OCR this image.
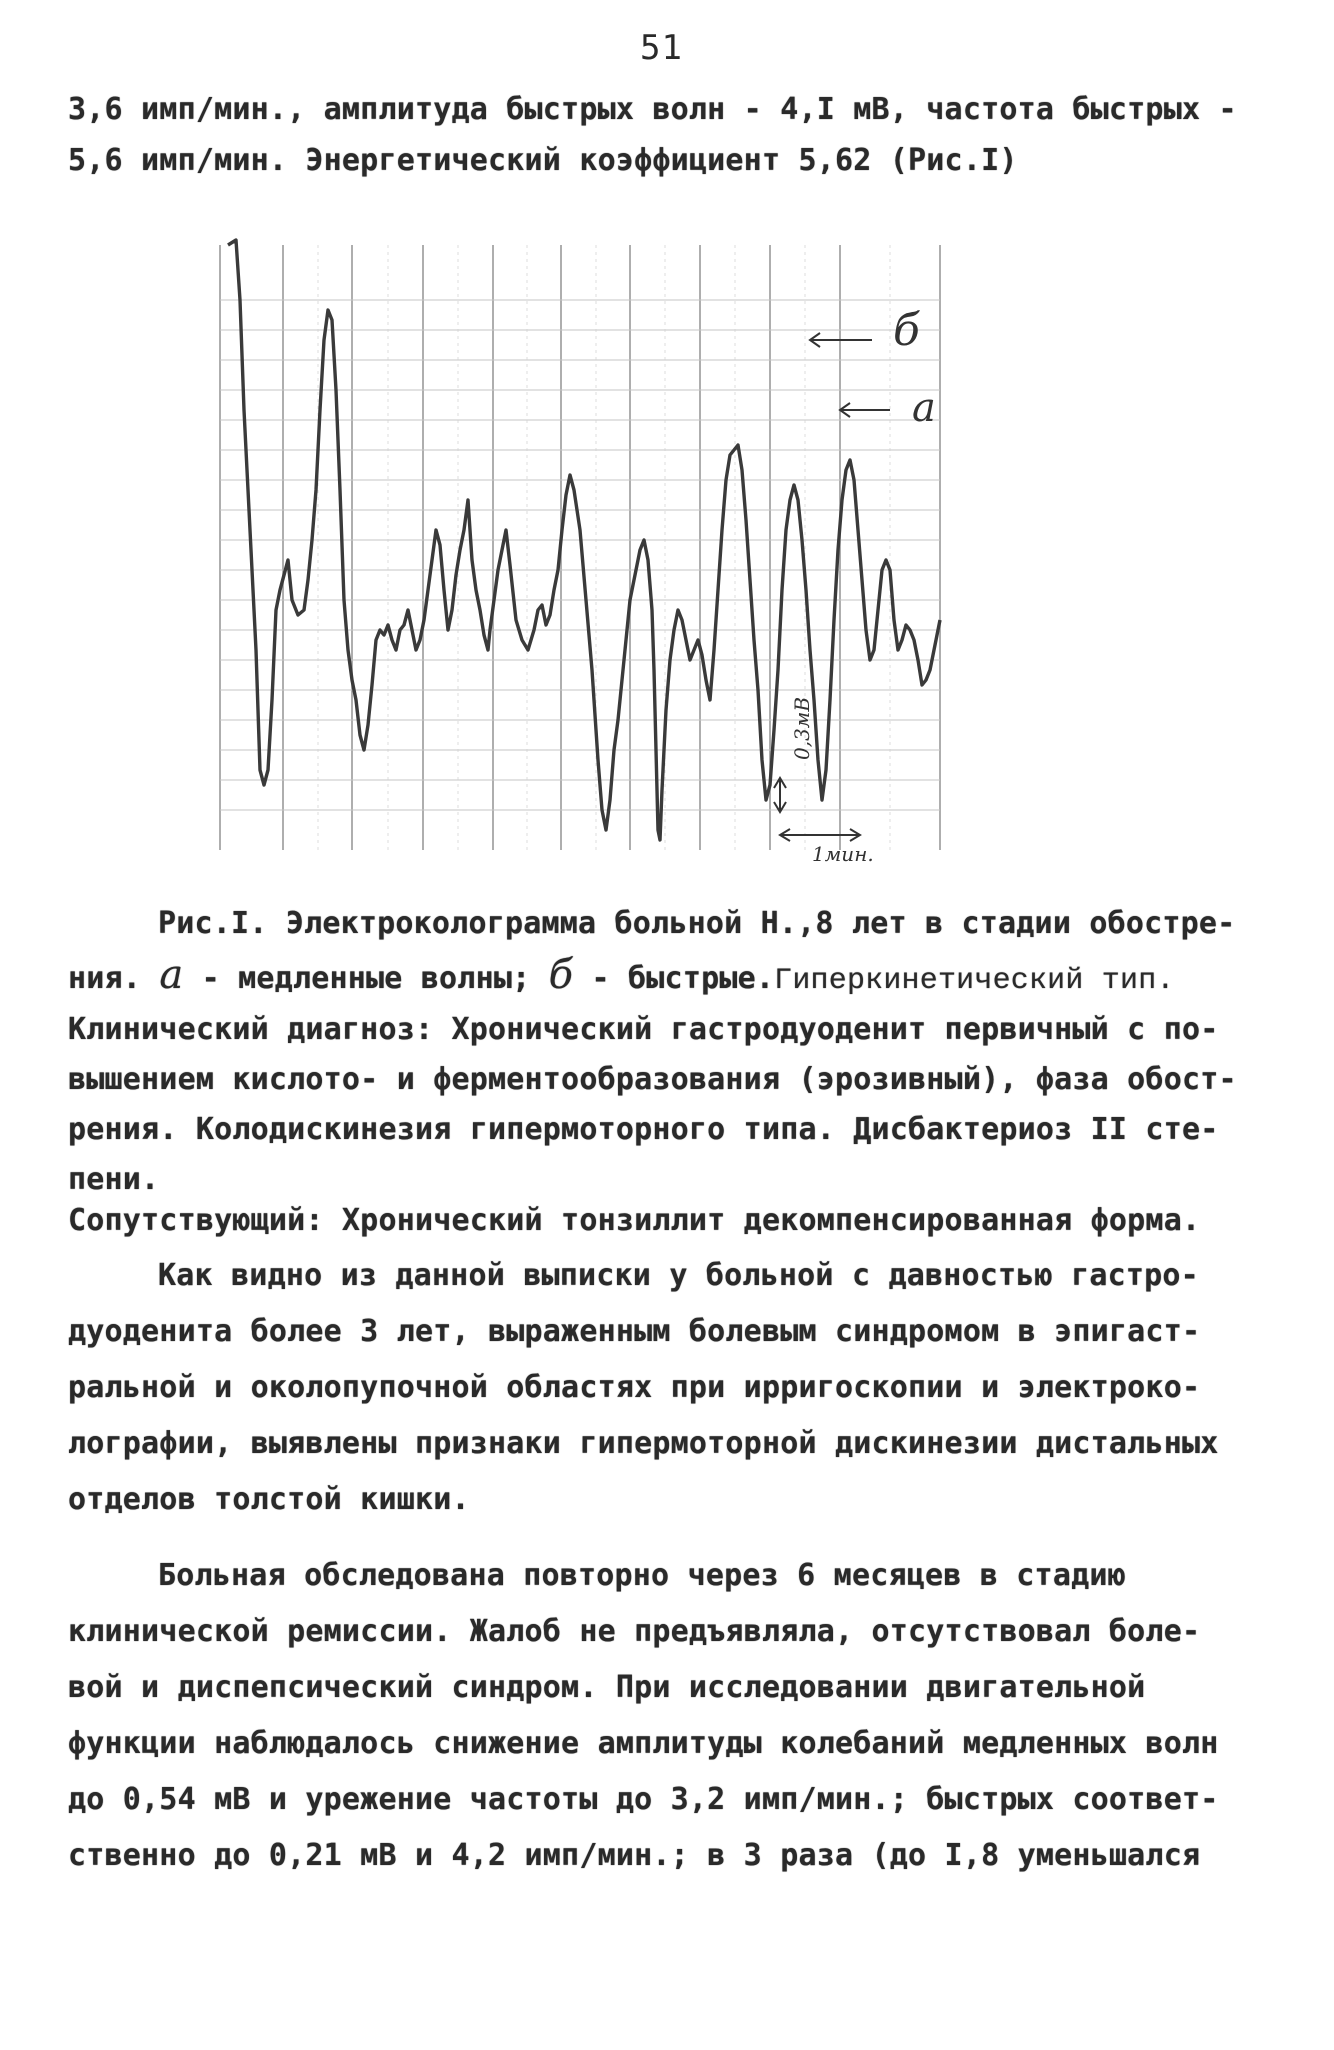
51
3,6 имп/мин., амплитуда быстрых волн - 4,I мВ, частота быстрых -
5,6 имп/мин. Энергетический коэффициент 5,62 (Рис.I)
б
а
0,3мВ
1мин.
Рис.I. Электроколограмма больной Н.,8 лет в стадии обостре-
ния. а - медленные волны; б - быстрые.Гиперкинетический тип.
Клинический диагноз: Хронический гастродуоденит первичный с по-
вышением кислото- и ферментообразования (эрозивный), фаза обост-
рения. Колодискинезия гипермоторного типа. Дисбактериоз II сте-
пени.
Сопутствующий: Хронический тонзиллит декомпенсированная форма.
Как видно из данной выписки у больной с давностью гастро-
дуоденита более 3 лет, выраженным болевым синдромом в эпигаст-
ральной и околопупочной областях при ирригоскопии и электроко-
лографии, выявлены признаки гипермоторной дискинезии дистальных
отделов толстой кишки.
Больная обследована повторно через 6 месяцев в стадию
клинической ремиссии. Жалоб не предъявляла, отсутствовал боле-
вой и диспепсический синдром. При исследовании двигательной
функции наблюдалось снижение амплитуды колебаний медленных волн
до 0,54 мВ и урежение частоты до 3,2 имп/мин.; быстрых соответ-
ственно до 0,21 мВ и 4,2 имп/мин.; в 3 раза (до I,8 уменьшался
